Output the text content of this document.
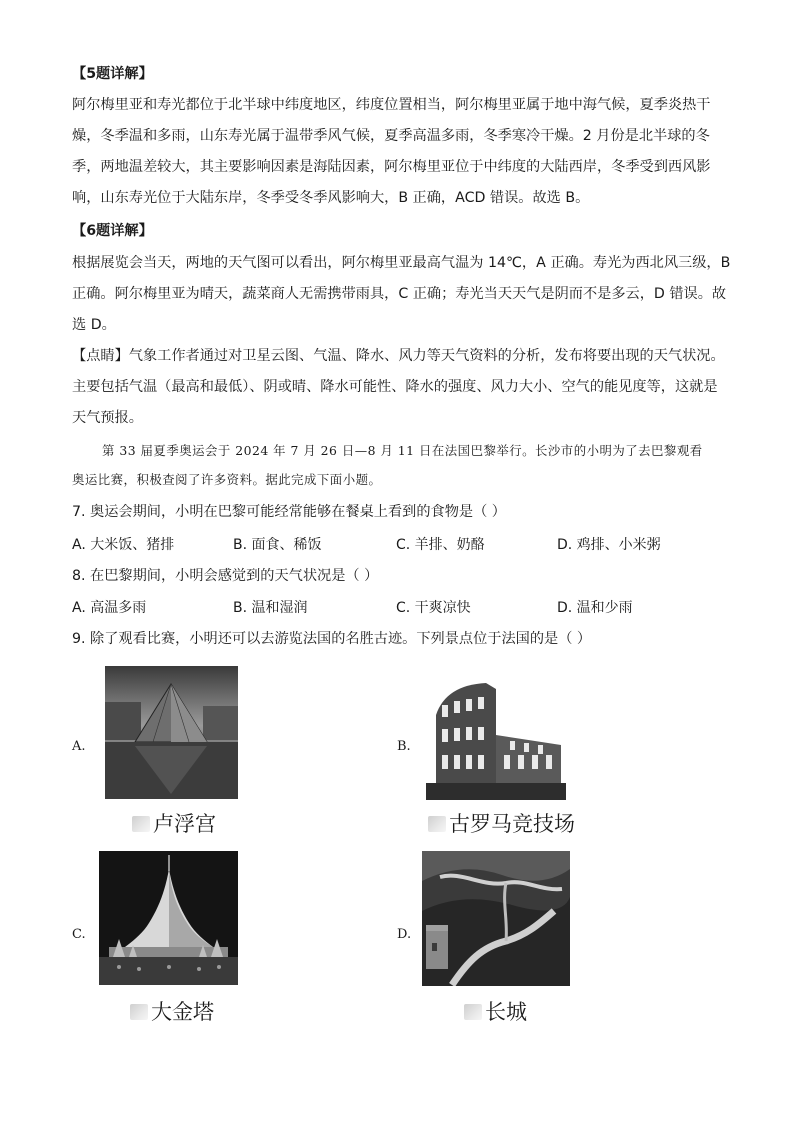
【5题详解】
阿尔梅里亚和寿光都位于北半球中纬度地区，纬度位置相当，阿尔梅里亚属于地中海气候，夏季炎热干
燥，冬季温和多雨，山东寿光属于温带季风气候，夏季高温多雨，冬季寒冷干燥。2 月份是北半球的冬
季，两地温差较大，其主要影响因素是海陆因素，阿尔梅里亚位于中纬度的大陆西岸，冬季受到西风影
响，山东寿光位于大陆东岸，冬季受冬季风影响大，B 正确，ACD 错误。故选 B。
【6题详解】
根据展览会当天，两地的天气图可以看出，阿尔梅里亚最高气温为 14℃，A 正确。寿光为西北风三级，B
正确。阿尔梅里亚为晴天，蔬菜商人无需携带雨具，C 正确；寿光当天天气是阴而不是多云，D 错误。故
选 D。
【点睛】气象工作者通过对卫星云图、气温、降水、风力等天气资料的分析，发布将要出现的天气状况。
主要包括气温（最高和最低）、阴或晴、降水可能性、降水的强度、风力大小、空气的能见度等，这就是
天气预报。
第 33 届夏季奥运会于 2024 年 7 月 26 日—8 月 11 日在法国巴黎举行。长沙市的小明为了去巴黎观看
奥运比赛，积极查阅了许多资料。据此完成下面小题。
7. 奥运会期间，小明在巴黎可能经常能够在餐桌上看到的食物是（ ）
A. 大米饭、猪排	B. 面食、稀饭	C. 羊排、奶酪	D. 鸡排、小米粥
8. 在巴黎期间，小明会感觉到的天气状况是（ ）
A. 高温多雨	B. 温和湿润	C. 干爽凉快	D. 温和少雨
9. 除了观看比赛，小明还可以去游览法国的名胜古迹。下列景点位于法国的是（ ）
A.
卢浮宫
B.
古罗马竞技场
C.
大金塔
D.
长城
